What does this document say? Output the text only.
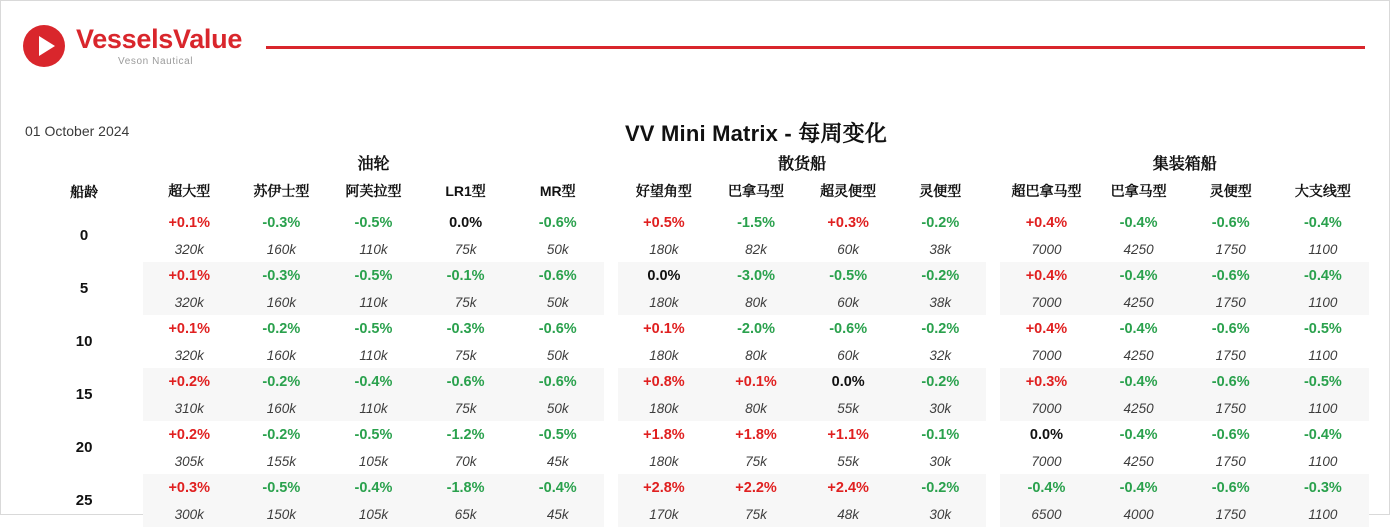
VesselsValue
Veson Nautical
01 October 2024	VV Mini Matrix - 每周变化
	油轮						散货船					集装箱船			
船龄	超大型	苏伊士型	阿芙拉型	LR1型	MR型		好望角型	巴拿马型	超灵便型	灵便型		超巴拿马型	巴拿马型	灵便型	大支线型
0	+0.1%	-0.3%	-0.5%	0.0%	-0.6%		+0.5%	-1.5%	+0.3%	-0.2%		+0.4%	-0.4%	-0.6%	-0.4%
	320k	160k	110k	75k	50k		180k	82k	60k	38k		7000	4250	1750	1100
5	+0.1%	-0.3%	-0.5%	-0.1%	-0.6%		0.0%	-3.0%	-0.5%	-0.2%		+0.4%	-0.4%	-0.6%	-0.4%
	320k	160k	110k	75k	50k		180k	80k	60k	38k		7000	4250	1750	1100
10	+0.1%	-0.2%	-0.5%	-0.3%	-0.6%		+0.1%	-2.0%	-0.6%	-0.2%		+0.4%	-0.4%	-0.6%	-0.5%
	320k	160k	110k	75k	50k		180k	80k	60k	32k		7000	4250	1750	1100
15	+0.2%	-0.2%	-0.4%	-0.6%	-0.6%		+0.8%	+0.1%	0.0%	-0.2%		+0.3%	-0.4%	-0.6%	-0.5%
	310k	160k	110k	75k	50k		180k	80k	55k	30k		7000	4250	1750	1100
20	+0.2%	-0.2%	-0.5%	-1.2%	-0.5%		+1.8%	+1.8%	+1.1%	-0.1%		0.0%	-0.4%	-0.6%	-0.4%
	305k	155k	105k	70k	45k		180k	75k	55k	30k		7000	4250	1750	1100
25	+0.3%	-0.5%	-0.4%	-1.8%	-0.4%		+2.8%	+2.2%	+2.4%	-0.2%		-0.4%	-0.4%	-0.6%	-0.3%
	300k	150k	105k	65k	45k		170k	75k	48k	30k		6500	4000	1750	1100
